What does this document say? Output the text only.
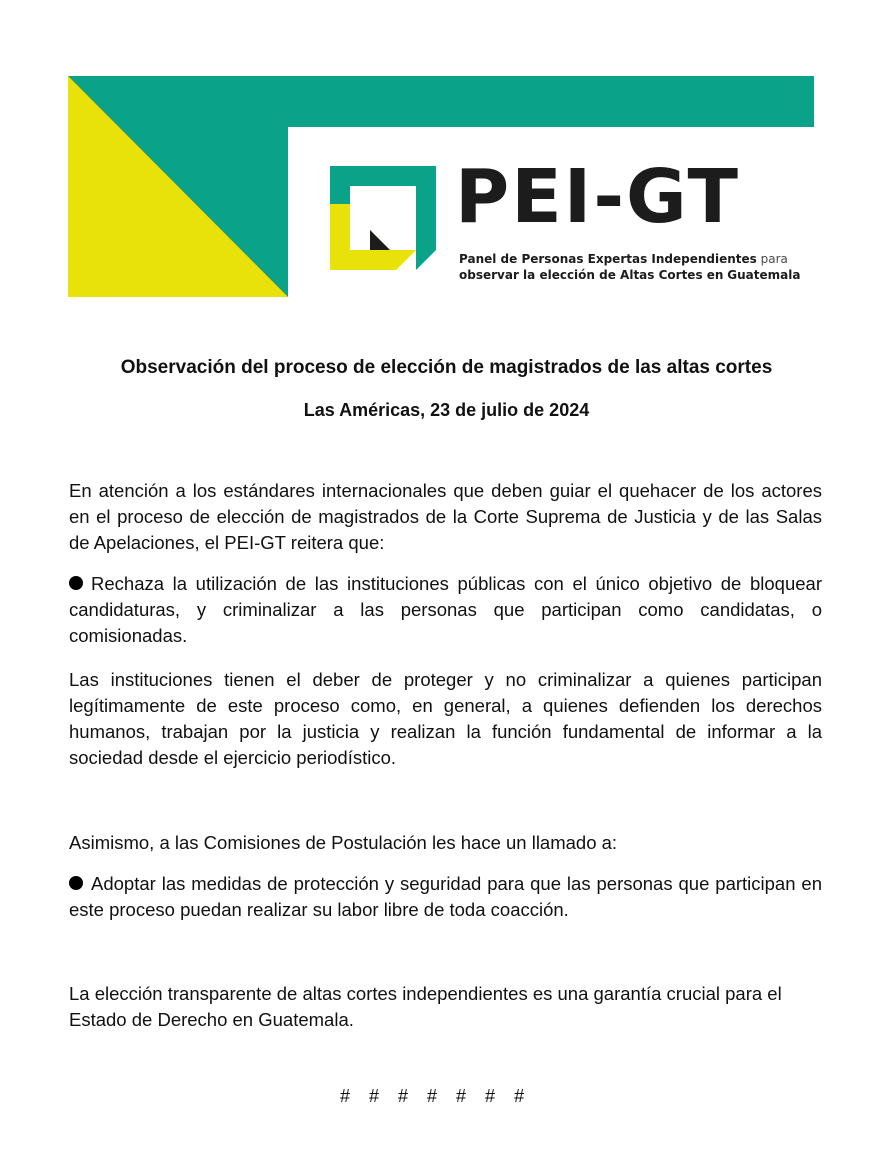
PEI-GT
Panel de Personas Expertas Independientes para
observar la elección de Altas Cortes en Guatemala
Observación del proceso de elección de magistrados de las altas cortes
Las Américas, 23 de julio de 2024

En atención a los estándares internacionales que deben guiar el quehacer de los actores en el proceso de elección de magistrados de la Corte Suprema de Justicia y de las Salas de Apelaciones, el PEI-GT reitera que:

Rechaza la utilización de las instituciones públicas con el único objetivo de bloquear candidaturas, y criminalizar a las personas que participan como candidatas, o comisionadas.

Las instituciones tienen el deber de proteger y no criminalizar a quienes participan legítimamente de este proceso como, en general, a quienes defienden los derechos humanos, trabajan por la justicia y realizan la función fundamental de informar a la sociedad desde el ejercicio periodístico.

Asimismo, a las Comisiones de Postulación les hace un llamado a:

Adoptar las medidas de protección y seguridad para que las personas que participan en este proceso puedan realizar su labor libre de toda coacción.

La elección transparente de altas cortes independientes es una garantía crucial para el Estado de Derecho en Guatemala.

# # # # # # #
